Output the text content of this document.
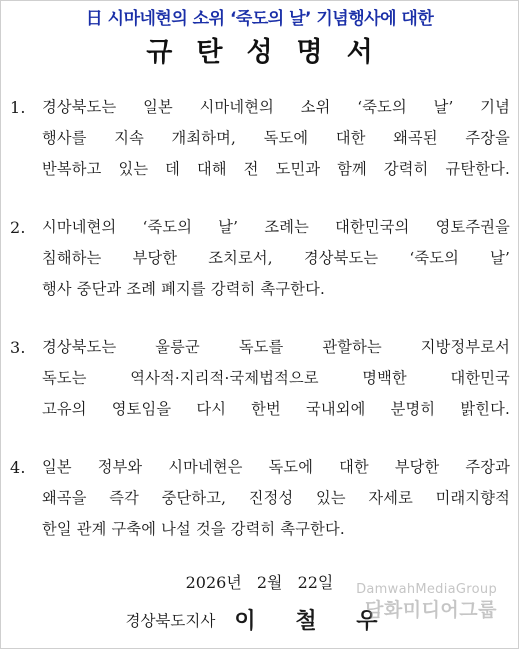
日 시마네현의 소위 ‘죽도의 날’ 기념행사에 대한
규탄성명서
1. 경상북도는 일본 시마네현의 소위 ‘죽도의 날’ 기념
행사를 지속 개최하며, 독도에 대한 왜곡된 주장을
반복하고 있는 데 대해 전 도민과 함께 강력히 규탄한다.
2. 시마네현의 ‘죽도의 날’ 조례는 대한민국의 영토주권을
침해하는 부당한 조치로서, 경상북도는 ‘죽도의 날’
행사 중단과 조례 폐지를 강력히 촉구한다.
3. 경상북도는 울릉군 독도를 관할하는 지방정부로서
독도는 역사적·지리적·국제법적으로 명백한 대한민국
고유의 영토임을 다시 한번 국내외에 분명히 밝힌다.
4. 일본 정부와 시마네현은 독도에 대한 부당한 주장과
왜곡을 즉각 중단하고, 진정성 있는 자세로 미래지향적
한일 관계 구축에 나설 것을 강력히 촉구한다.
2026년 2월 22일
경상북도지사 이 철 우
DamwahMediaGroup
담화미디어그룹
